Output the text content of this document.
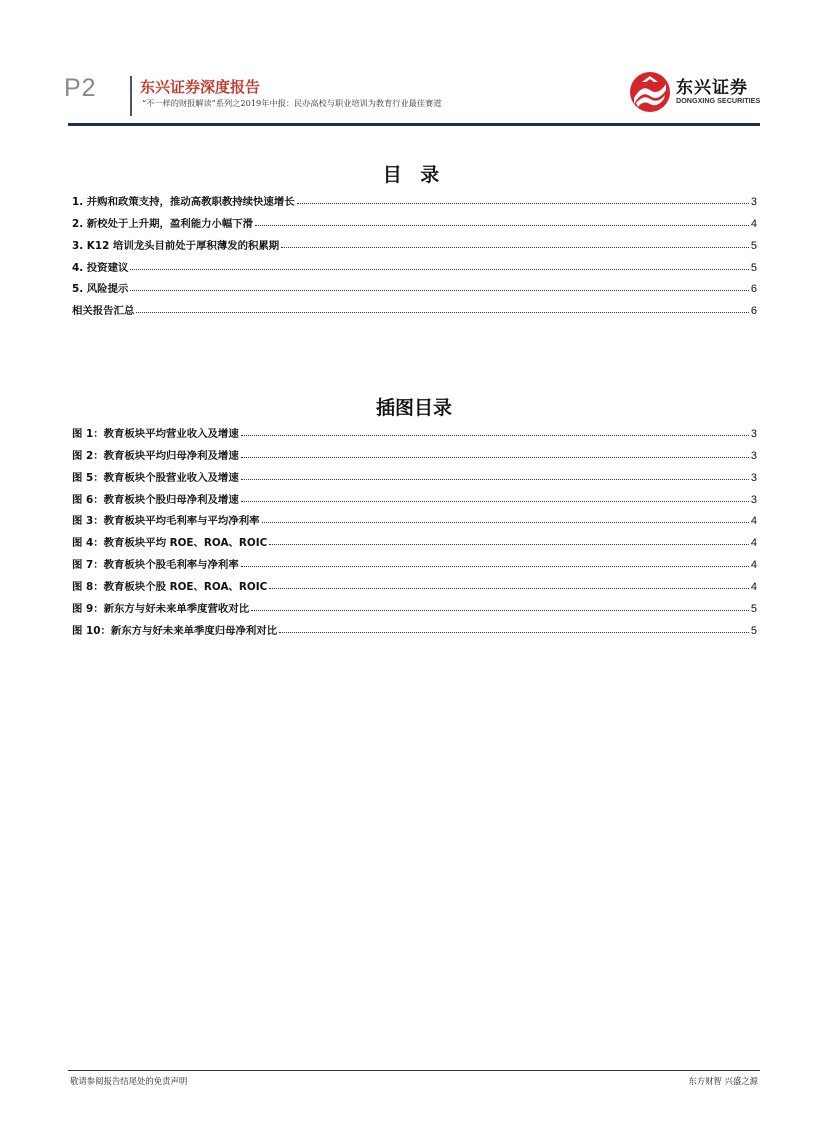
P2	东兴证券深度报告
“不一样的财报解读”系列之2019年中报：民办高校与职业培训为教育行业最佳赛道
东兴证券
DONGXING SECURITIES
目 录
1. 并购和政策支持，推动高教职教持续快速增长	3
2. 新校处于上升期，盈利能力小幅下滑	4
3. K12 培训龙头目前处于厚积薄发的积累期	5
4. 投资建议	5
5. 风险提示	6
相关报告汇总	6
插图目录
图 1：教育板块平均营业收入及增速	3
图 2：教育板块平均归母净利及增速	3
图 5：教育板块个股营业收入及增速	3
图 6：教育板块个股归母净利及增速	3
图 3：教育板块平均毛利率与平均净利率	4
图 4：教育板块平均 ROE、ROA、ROIC	4
图 7：教育板块个股毛利率与净利率	4
图 8：教育板块个股 ROE、ROA、ROIC	4
图 9：新东方与好未来单季度营收对比	5
图 10：新东方与好未来单季度归母净利对比	5
敬请参阅报告结尾处的免责声明	东方财智 兴盛之源
